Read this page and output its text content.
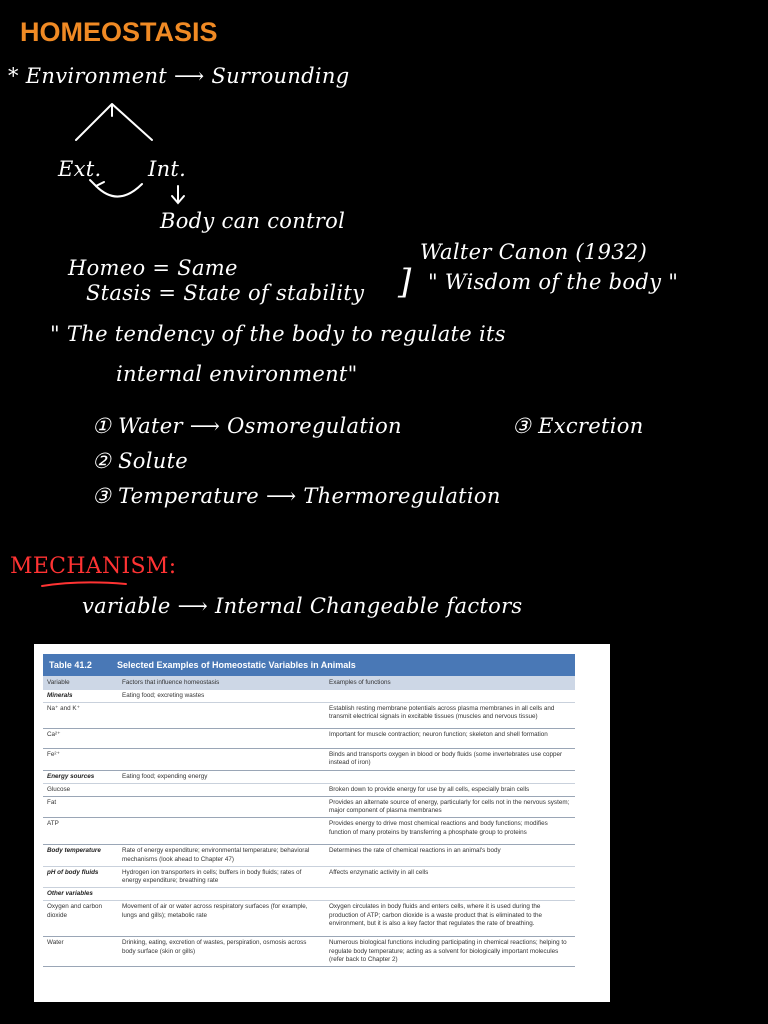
HOMEOSTASIS
* Environment ⟶ Surrounding
Ext. Int.
Body can control
Homeo = Same
Stasis = State of stability ]
Walter Canon (1932)
" Wisdom of the body "
" The tendency of the body to regulate its
internal environment"
① Water ⟶ Osmoregulation	③ Excretion
② Solute
③ Temperature ⟶ Thermoregulation
MECHANISM:
variable ⟶ Internal Changeable factors
Table 41.2	Selected Examples of Homeostatic Variables in Animals
Variable	Factors that influence homeostasis	Examples of functions
Minerals	Eating food; excreting wastes	
Na⁺ and K⁺		Establish resting membrane potentials across plasma membranes in all cells and transmit electrical signals in excitable tissues (muscles and nervous tissue)
Ca²⁺		Important for muscle contraction; neuron function; skeleton and shell formation
Fe²⁺		Binds and transports oxygen in blood or body fluids (some invertebrates use copper instead of iron)
Energy sources	Eating food; expending energy	
Glucose		Broken down to provide energy for use by all cells, especially brain cells
Fat		Provides an alternate source of energy, particularly for cells not in the nervous system; major component of plasma membranes
ATP		Provides energy to drive most chemical reactions and body functions; modifies function of many proteins by transferring a phosphate group to proteins
Body temperature	Rate of energy expenditure; environmental temperature; behavioral mechanisms (look ahead to Chapter 47)	Determines the rate of chemical reactions in an animal's body
pH of body fluids	Hydrogen ion transporters in cells; buffers in body fluids; rates of energy expenditure; breathing rate	Affects enzymatic activity in all cells
Other variables		
Oxygen and carbon dioxide	Movement of air or water across respiratory surfaces (for example, lungs and gills); metabolic rate	Oxygen circulates in body fluids and enters cells, where it is used during the production of ATP; carbon dioxide is a waste product that is eliminated to the environment, but it is also a key factor that regulates the rate of breathing.
Water	Drinking, eating, excretion of wastes, perspiration, osmosis across body surface (skin or gills)	Numerous biological functions including participating in chemical reactions; helping to regulate body temperature; acting as a solvent for biologically important molecules (refer back to Chapter 2)
